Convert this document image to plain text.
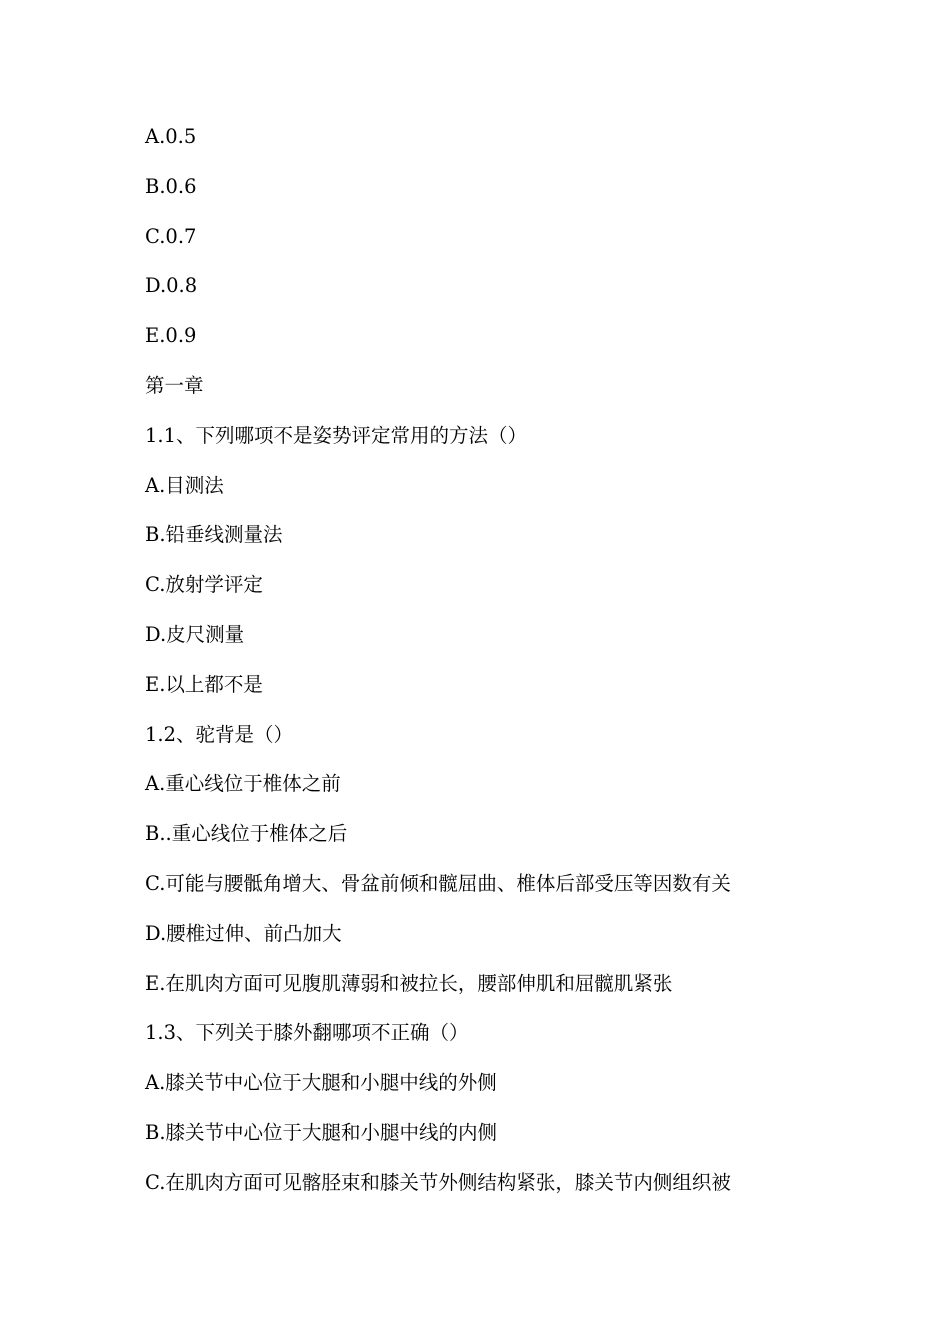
A.0.5
B.0.6
C.0.7
D.0.8
E.0.9
第一章
1.1、下列哪项不是姿势评定常用的方法（）
A.目测法
B.铅垂线测量法
C.放射学评定
D.皮尺测量
E.以上都不是
1.2、驼背是（）
A.重心线位于椎体之前
B..重心线位于椎体之后
C.可能与腰骶角增大、骨盆前倾和髋屈曲、椎体后部受压等因数有关
D.腰椎过伸、前凸加大
E.在肌肉方面可见腹肌薄弱和被拉长，腰部伸肌和屈髋肌紧张
1.3、下列关于膝外翻哪项不正确（）
A.膝关节中心位于大腿和小腿中线的外侧
B.膝关节中心位于大腿和小腿中线的内侧
C.在肌肉方面可见髂胫束和膝关节外侧结构紧张，膝关节内侧组织被
